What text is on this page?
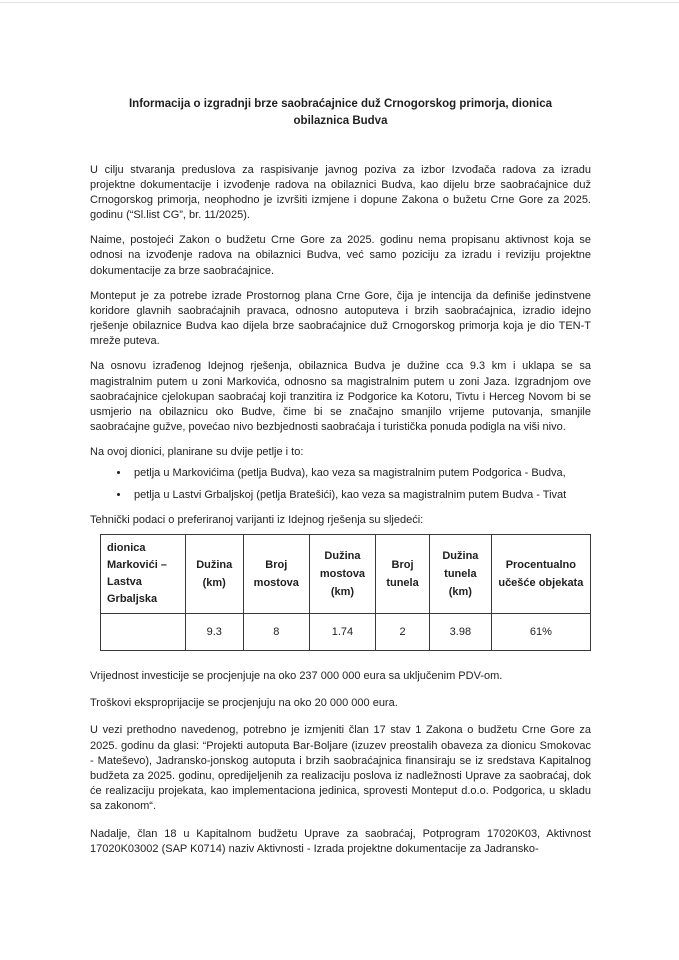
Informacija o izgradnji brze saobraćajnice duž Crnogorskog primorja, dionica obilaznica Budva

U cilju stvaranja preduslova za raspisivanje javnog poziva za izbor Izvođača radova za izradu projektne dokumentacije i izvođenje radova na obilaznici Budva, kao dijelu brze saobraćajnice duž Crnogorskog primorja, neophodno je izvršiti izmjene i dopune Zakona o bužetu Crne Gore za 2025. godinu (“Sl.list CG”, br. 11/2025).

Naime, postojeći Zakon o budžetu Crne Gore za 2025. godinu nema propisanu aktivnost koja se odnosi na izvođenje radova na obilaznici Budva, već samo poziciju za izradu i reviziju projektne dokumentacije za brze saobraćajnice.

Monteput je za potrebe izrade Prostornog plana Crne Gore, čija je intencija da definiše jedinstvene koridore glavnih saobraćajnih pravaca, odnosno autoputeva i brzih saobraćajnica, izradio idejno rješenje obilaznice Budva kao dijela brze saobraćajnice duž Crnogorskog primorja koja je dio TEN-T mreže puteva.

Na osnovu izrađenog Idejnog rješenja, obilaznica Budva je dužine cca 9.3 km i uklapa se sa magistralnim putem u zoni Markovića, odnosno sa magistralnim putem u zoni Jaza. Izgradnjom ove saobraćajnice cjelokupan saobraćaj koji tranzitira iz Podgorice ka Kotoru, Tivtu i Herceg Novom bi se usmjerio na obilaznicu oko Budve, čime bi se značajno smanjilo vrijeme putovanja, smanjile saobraćajne gužve, povećao nivo bezbjednosti saobraćaja i turistička ponuda podigla na viši nivo.

Na ovoj dionici, planirane su dvije petlje i to:

• petlja u Markovićima (petlja Budva), kao veza sa magistralnim putem Podgorica - Budva,
• petlja u Lastvi Grbaljskoj (petlja Bratešići), kao veza sa magistralnim putem Budva - Tivat

Tehnički podaci o preferiranoj varijanti iz Idejnog rješenja su sljedeći:

dionica Markovići – Lastva Grbaljska	Dužina (km)	Broj mostova	Dužina mostova (km)	Broj tunela	Dužina tunela (km)	Procentualno učešće objekata
	9.3	8	1.74	2	3.98	61%

Vrijednost investicije se procjenjuje na oko 237 000 000 eura sa uključenim PDV-om.

Troškovi eksproprijacije se procjenjuju na oko 20 000 000 eura.

U vezi prethodno navedenog, potrebno je izmjeniti član 17 stav 1 Zakona o budžetu Crne Gore za 2025. godinu da glasi: “Projekti autoputa Bar-Boljare (izuzev preostalih obaveza za dionicu Smokovac - Mateševo), Jadransko-jonskog autoputa i brzih saobraćajnica finansiraju se iz sredstava Kapitalnog budžeta za 2025. godinu, opredijeljenih za realizaciju poslova iz nadležnosti Uprave za saobraćaj, dok će realizaciju projekata, kao implementaciona jedinica, sprovesti Monteput d.o.o. Podgorica, u skladu sa zakonom“.

Nadalje, član 18 u Kapitalnom budžetu Uprave za saobraćaj, Potprogram 17020K03, Aktivnost 17020K03002 (SAP K0714) naziv Aktivnosti - Izrada projektne dokumentacije za Jadransko-
